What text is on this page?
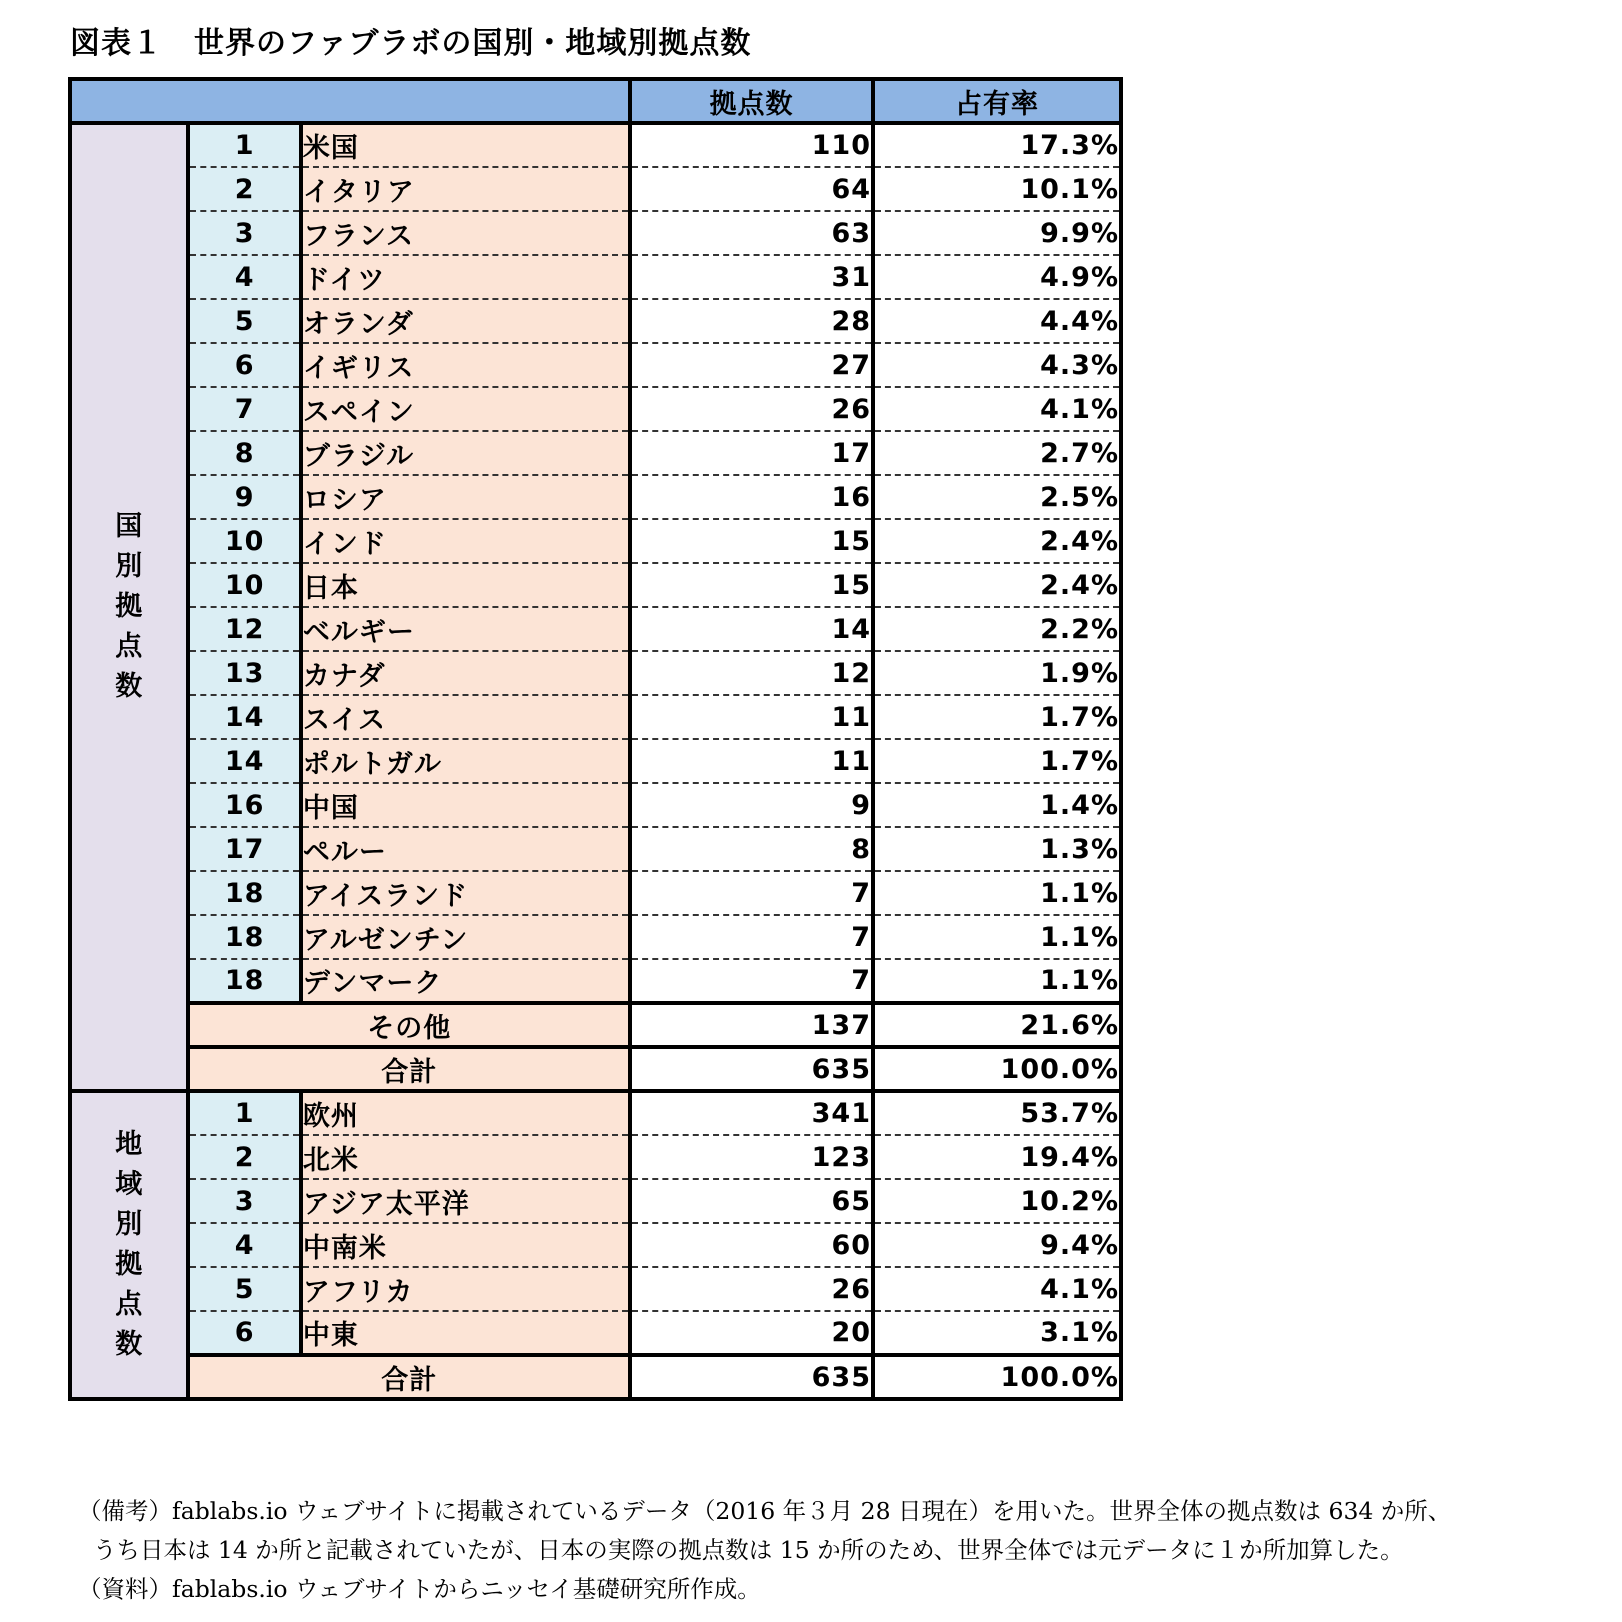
図表１　世界のファブラボの国別・地域別拠点数
			拠点数	占有率
国別拠点数	1	米国	110	17.3%
	2	イタリア	64	10.1%
	3	フランス	63	9.9%
	4	ドイツ	31	4.9%
	5	オランダ	28	4.4%
	6	イギリス	27	4.3%
	7	スペイン	26	4.1%
	8	ブラジル	17	2.7%
	9	ロシア	16	2.5%
	10	インド	15	2.4%
	10	日本	15	2.4%
	12	ベルギー	14	2.2%
	13	カナダ	12	1.9%
	14	スイス	11	1.7%
	14	ポルトガル	11	1.7%
	16	中国	9	1.4%
	17	ペルー	8	1.3%
	18	アイスランド	7	1.1%
	18	アルゼンチン	7	1.1%
	18	デンマーク	7	1.1%
	その他		137	21.6%
	合計		635	100.0%
地域別拠点数	1	欧州	341	53.7%
	2	北米	123	19.4%
	3	アジア太平洋	65	10.2%
	4	中南米	60	9.4%
	5	アフリカ	26	4.1%
	6	中東	20	3.1%
	合計		635	100.0%
（備考）fablabs.io ウェブサイトに掲載されているデータ（2016 年３月 28 日現在）を用いた。世界全体の拠点数は 634 か所、
うち日本は 14 か所と記載されていたが、日本の実際の拠点数は 15 か所のため、世界全体では元データに１か所加算した。
（資料）fablabs.io ウェブサイトからニッセイ基礎研究所作成。
